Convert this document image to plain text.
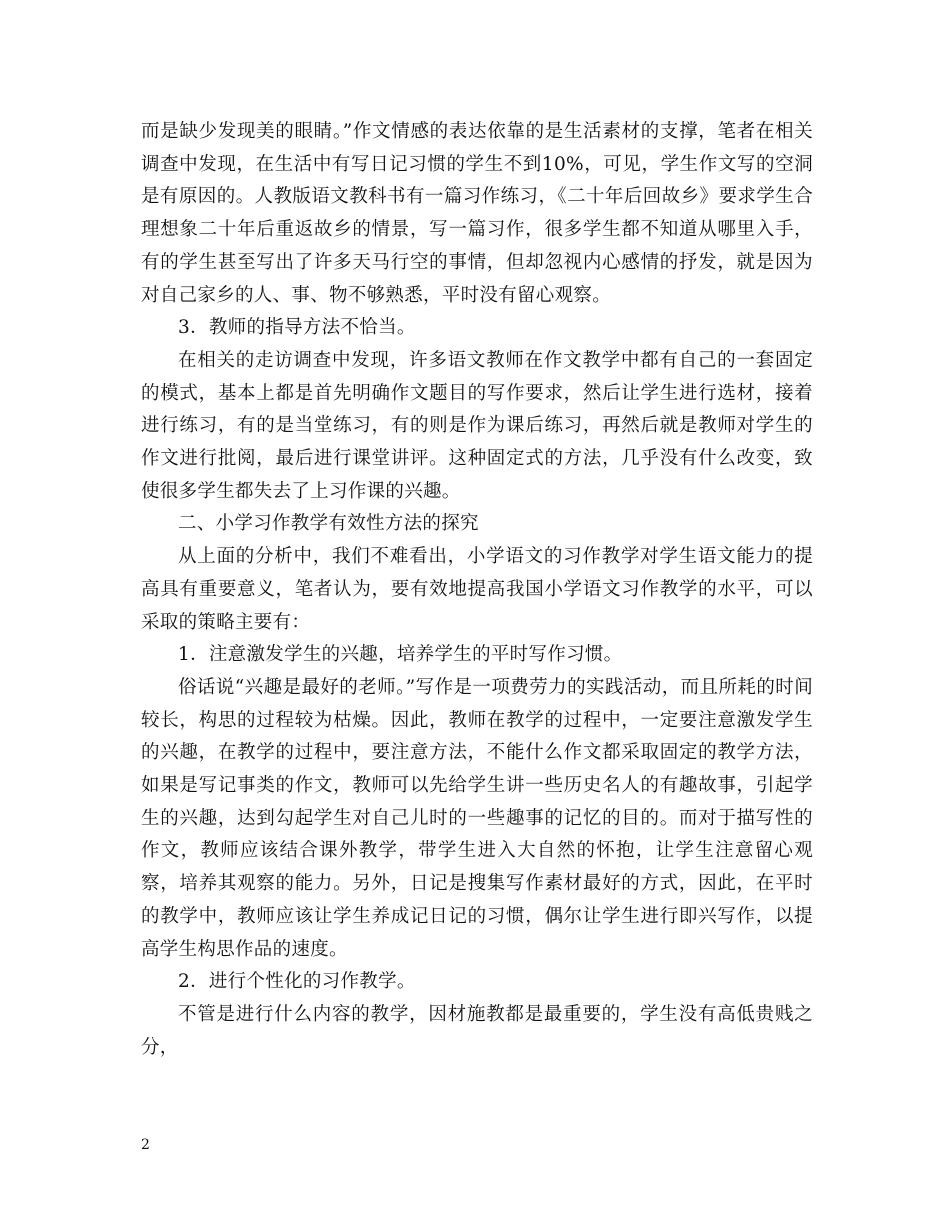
而是缺少发现美的眼睛。”作文情感的表达依靠的是生活素材的支撑，笔者在相关调查中发现，在生活中有写日记习惯的学生不到10%，可见，学生作文写的空洞是有原因的。人教版语文教科书有一篇习作练习，《二十年后回故乡》要求学生合理想象二十年后重返故乡的情景，写一篇习作，很多学生都不知道从哪里入手，有的学生甚至写出了许多天马行空的事情，但却忽视内心感情的抒发，就是因为对自己家乡的人、事、物不够熟悉，平时没有留心观察。

3．教师的指导方法不恰当。

在相关的走访调查中发现，许多语文教师在作文教学中都有自己的一套固定的模式，基本上都是首先明确作文题目的写作要求，然后让学生进行选材，接着进行练习，有的是当堂练习，有的则是作为课后练习，再然后就是教师对学生的作文进行批阅，最后进行课堂讲评。这种固定式的方法，几乎没有什么改变，致使很多学生都失去了上习作课的兴趣。

二、小学习作教学有效性方法的探究

从上面的分析中，我们不难看出，小学语文的习作教学对学生语文能力的提高具有重要意义，笔者认为，要有效地提高我国小学语文习作教学的水平，可以采取的策略主要有：

1．注意激发学生的兴趣，培养学生的平时写作习惯。

俗话说“兴趣是最好的老师。”写作是一项费劳力的实践活动，而且所耗的时间较长，构思的过程较为枯燥。因此，教师在教学的过程中，一定要注意激发学生的兴趣，在教学的过程中，要注意方法，不能什么作文都采取固定的教学方法，如果是写记事类的作文，教师可以先给学生讲一些历史名人的有趣故事，引起学生的兴趣，达到勾起学生对自己儿时的一些趣事的记忆的目的。而对于描写性的作文，教师应该结合课外教学，带学生进入大自然的怀抱，让学生注意留心观察，培养其观察的能力。另外，日记是搜集写作素材最好的方式，因此，在平时的教学中，教师应该让学生养成记日记的习惯，偶尔让学生进行即兴写作，以提高学生构思作品的速度。

2．进行个性化的习作教学。

不管是进行什么内容的教学，因材施教都是最重要的，学生没有高低贵贱之分，

2
